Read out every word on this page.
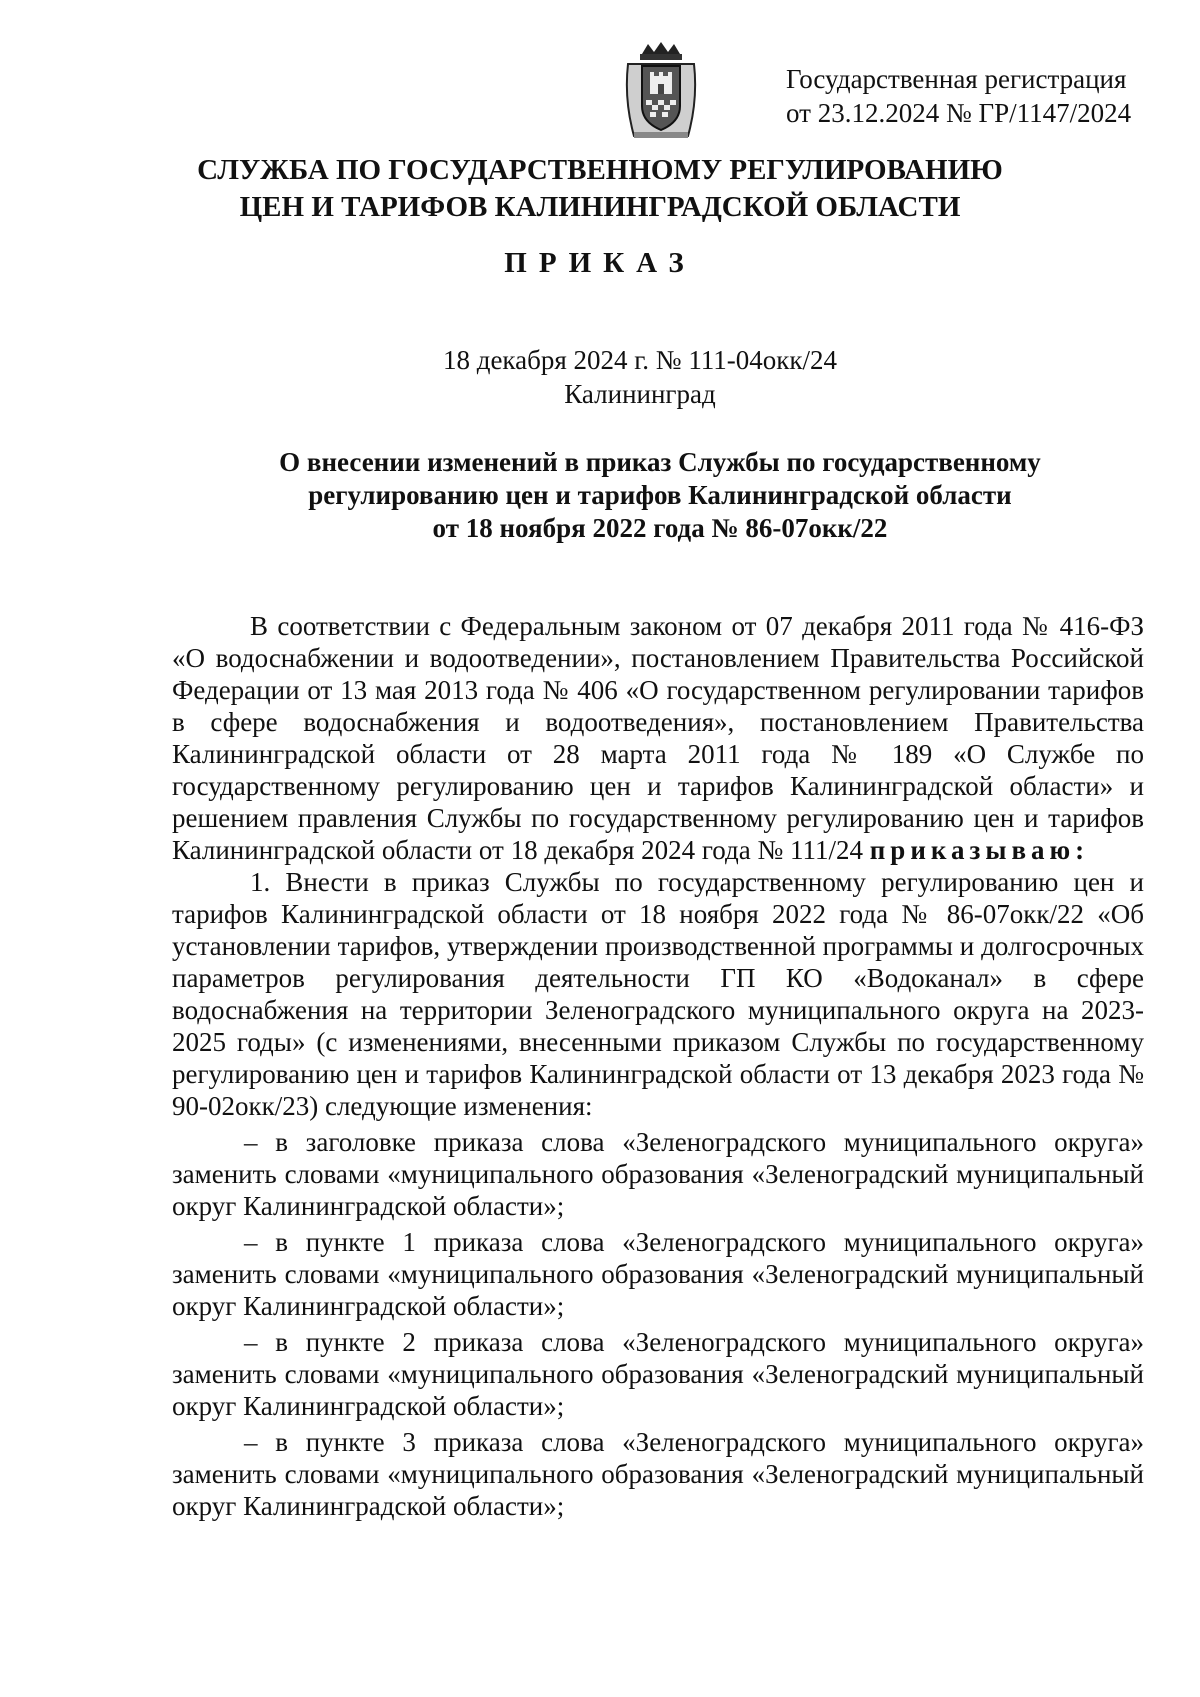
Государственная регистрация
от 23.12.2024 № ГР/1147/2024
СЛУЖБА ПО ГОСУДАРСТВЕННОМУ РЕГУЛИРОВАНИЮ
ЦЕН И ТАРИФОВ КАЛИНИНГРАДСКОЙ ОБЛАСТИ
ПРИКАЗ
18 декабря 2024 г. № 111-04окк/24
Калининград
О внесении изменений в приказ Службы по государственному
регулированию цен и тарифов Калининградской области
от 18 ноября 2022 года № 86-07окк/22

В соответствии с Федеральным законом от 07 декабря 2011 года № 416-ФЗ «О водоснабжении и водоотведении», постановлением Правительства Российской Федерации от 13 мая 2013 года № 406 «О государственном регулировании тарифов в сфере водоснабжения и водоотведения», постановлением Правительства Калининградской области от 28 марта 2011 года № 189 «О Службе по государственному регулированию цен и тарифов Калининградской области» и решением правления Службы по государственному регулированию цен и тарифов Калининградской области от 18 декабря 2024 года № 111/24 приказываю:

1. Внести в приказ Службы по государственному регулированию цен и тарифов Калининградской области от 18 ноября 2022 года № 86-07окк/22 «Об установлении тарифов, утверждении производственной программы и долгосрочных параметров регулирования деятельности ГП КО «Водоканал» в сфере водоснабжения на территории Зеленоградского муниципального округа на 2023-2025 годы» (с изменениями, внесенными приказом Службы по государственному регулированию цен и тарифов Калининградской области от 13 декабря 2023 года № 90-02окк/23) следующие изменения:

– в заголовке приказа слова «Зеленоградского муниципального округа» заменить словами «муниципального образования «Зеленоградский муниципальный округ Калининградской области»;

– в пункте 1 приказа слова «Зеленоградского муниципального округа» заменить словами «муниципального образования «Зеленоградский муниципальный округ Калининградской области»;

– в пункте 2 приказа слова «Зеленоградского муниципального округа» заменить словами «муниципального образования «Зеленоградский муниципальный округ Калининградской области»;

– в пункте 3 приказа слова «Зеленоградского муниципального округа» заменить словами «муниципального образования «Зеленоградский муниципальный округ Калининградской области»;
